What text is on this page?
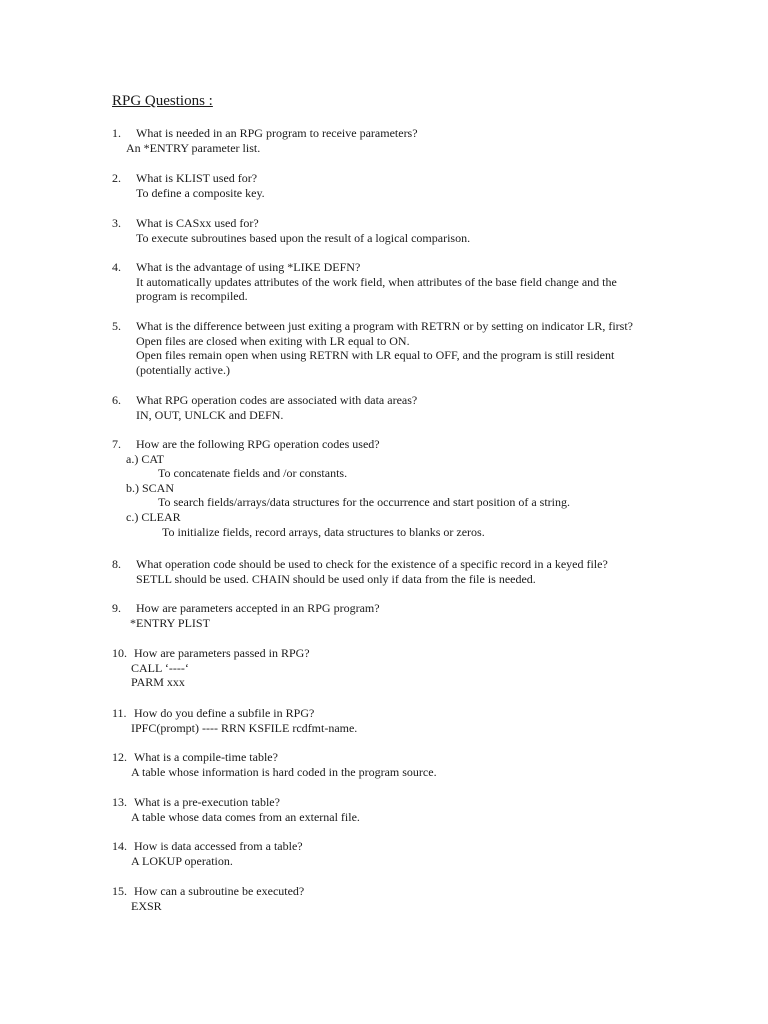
RPG Questions :
1. What is needed in an RPG program to receive parameters?
An *ENTRY parameter list.
2. What is KLIST used for?
To define a composite key.
3. What is CASxx used for?
To execute subroutines based upon the result of a logical comparison.
4. What is the advantage of using *LIKE DEFN?
It automatically updates attributes of the work field, when attributes of the base field change and the
program is recompiled.
5. What is the difference between just exiting a program with RETRN or by setting on indicator LR, first?
Open files are closed when exiting with LR equal to ON.
Open files remain open when using RETRN with LR equal to OFF, and the program is still resident
(potentially active.)
6. What RPG operation codes are associated with data areas?
IN, OUT, UNLCK and DEFN.
7. How are the following RPG operation codes used?
a.) CAT
To concatenate fields and /or constants.
b.) SCAN
To search fields/arrays/data structures for the occurrence and start position of a string.
c.) CLEAR
To initialize fields, record arrays, data structures to blanks or zeros.
8. What operation code should be used to check for the existence of a specific record in a keyed file?
SETLL should be used. CHAIN should be used only if data from the file is needed.
9. How are parameters accepted in an RPG program?
*ENTRY PLIST
10. How are parameters passed in RPG?
CALL ‘----‘
PARM xxx
11. How do you define a subfile in RPG?
IPFC(prompt) ---- RRN KSFILE rcdfmt-name.
12. What is a compile-time table?
A table whose information is hard coded in the program source.
13. What is a pre-execution table?
A table whose data comes from an external file.
14. How is data accessed from a table?
A LOKUP operation.
15. How can a subroutine be executed?
EXSR
